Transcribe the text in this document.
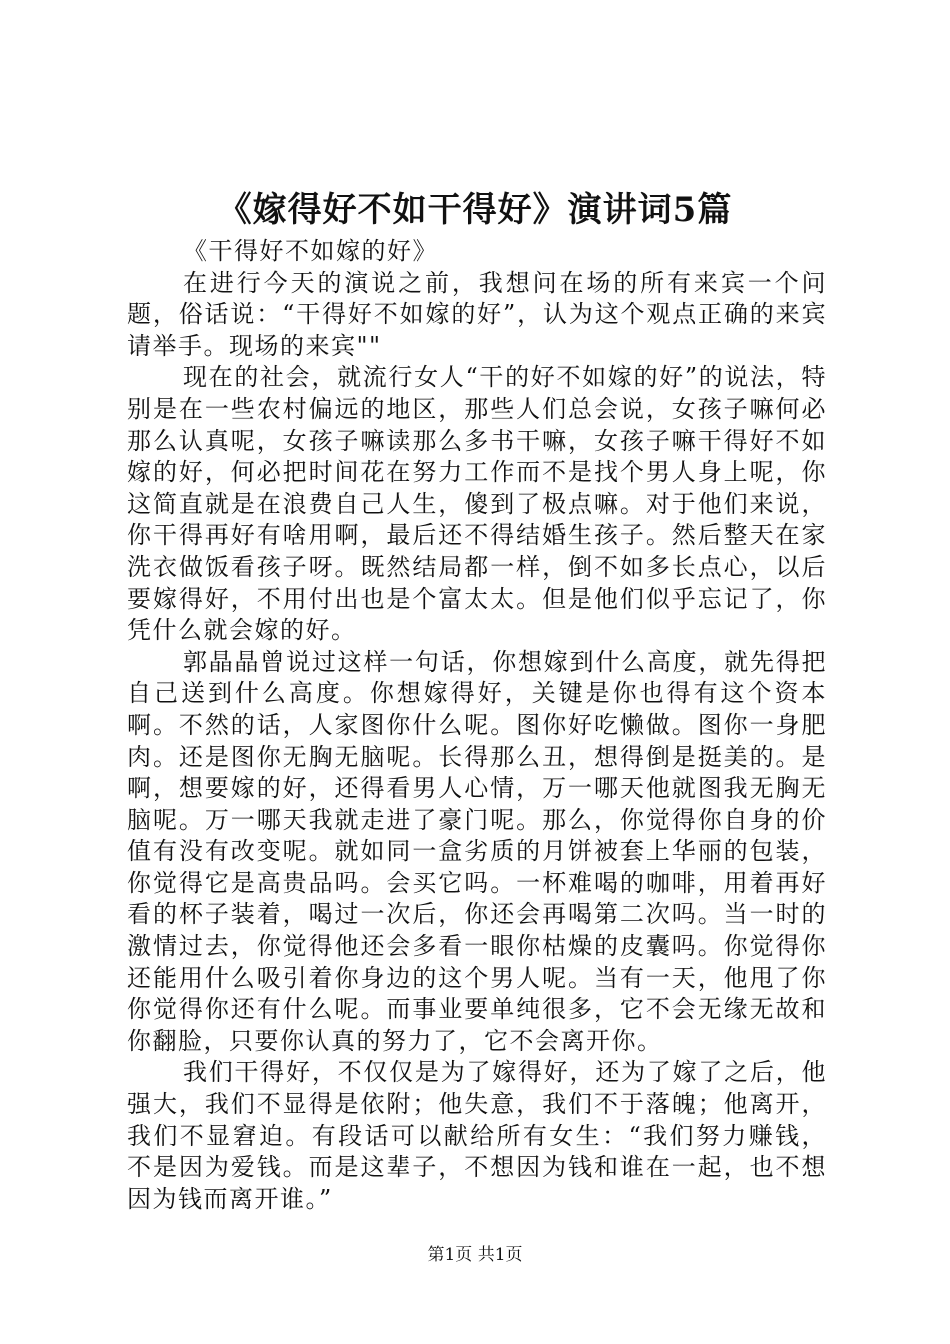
《嫁得好不如干得好》演讲词5篇

《干得好不如嫁的好》

在进行今天的演说之前，我想问在场的所有来宾一个问题，俗话说：“干得好不如嫁的好”，认为这个观点正确的来宾请举手。现场的来宾""

现在的社会，就流行女人“干的好不如嫁的好”的说法，特别是在一些农村偏远的地区，那些人们总会说，女孩子嘛何必那么认真呢，女孩子嘛读那么多书干嘛，女孩子嘛干得好不如嫁的好，何必把时间花在努力工作而不是找个男人身上呢，你这简直就是在浪费自己人生，傻到了极点嘛。对于他们来说，你干得再好有啥用啊，最后还不得结婚生孩子。然后整天在家洗衣做饭看孩子呀。既然结局都一样，倒不如多长点心，以后要嫁得好，不用付出也是个富太太。但是他们似乎忘记了，你凭什么就会嫁的好。

郭晶晶曾说过这样一句话，你想嫁到什么高度，就先得把自己送到什么高度。你想嫁得好，关键是你也得有这个资本啊。不然的话，人家图你什么呢。图你好吃懒做。图你一身肥肉。还是图你无胸无脑呢。长得那么丑，想得倒是挺美的。是啊，想要嫁的好，还得看男人心情，万一哪天他就图我无胸无脑呢。万一哪天我就走进了豪门呢。那么，你觉得你自身的价值有没有改变呢。就如同一盒劣质的月饼被套上华丽的包装，你觉得它是高贵品吗。会买它吗。一杯难喝的咖啡，用着再好看的杯子装着，喝过一次后，你还会再喝第二次吗。当一时的激情过去，你觉得他还会多看一眼你枯燥的皮囊吗。你觉得你还能用什么吸引着你身边的这个男人呢。当有一天，他甩了你你觉得你还有什么呢。而事业要单纯很多，它不会无缘无故和你翻脸，只要你认真的努力了，它不会离开你。

我们干得好，不仅仅是为了嫁得好，还为了嫁了之后，他强大，我们不显得是依附；他失意，我们不于落魄；他离开，我们不显窘迫。有段话可以献给所有女生：“我们努力赚钱，不是因为爱钱。而是这辈子，不想因为钱和谁在一起，也不想因为钱而离开谁。”

第1页 共1页
